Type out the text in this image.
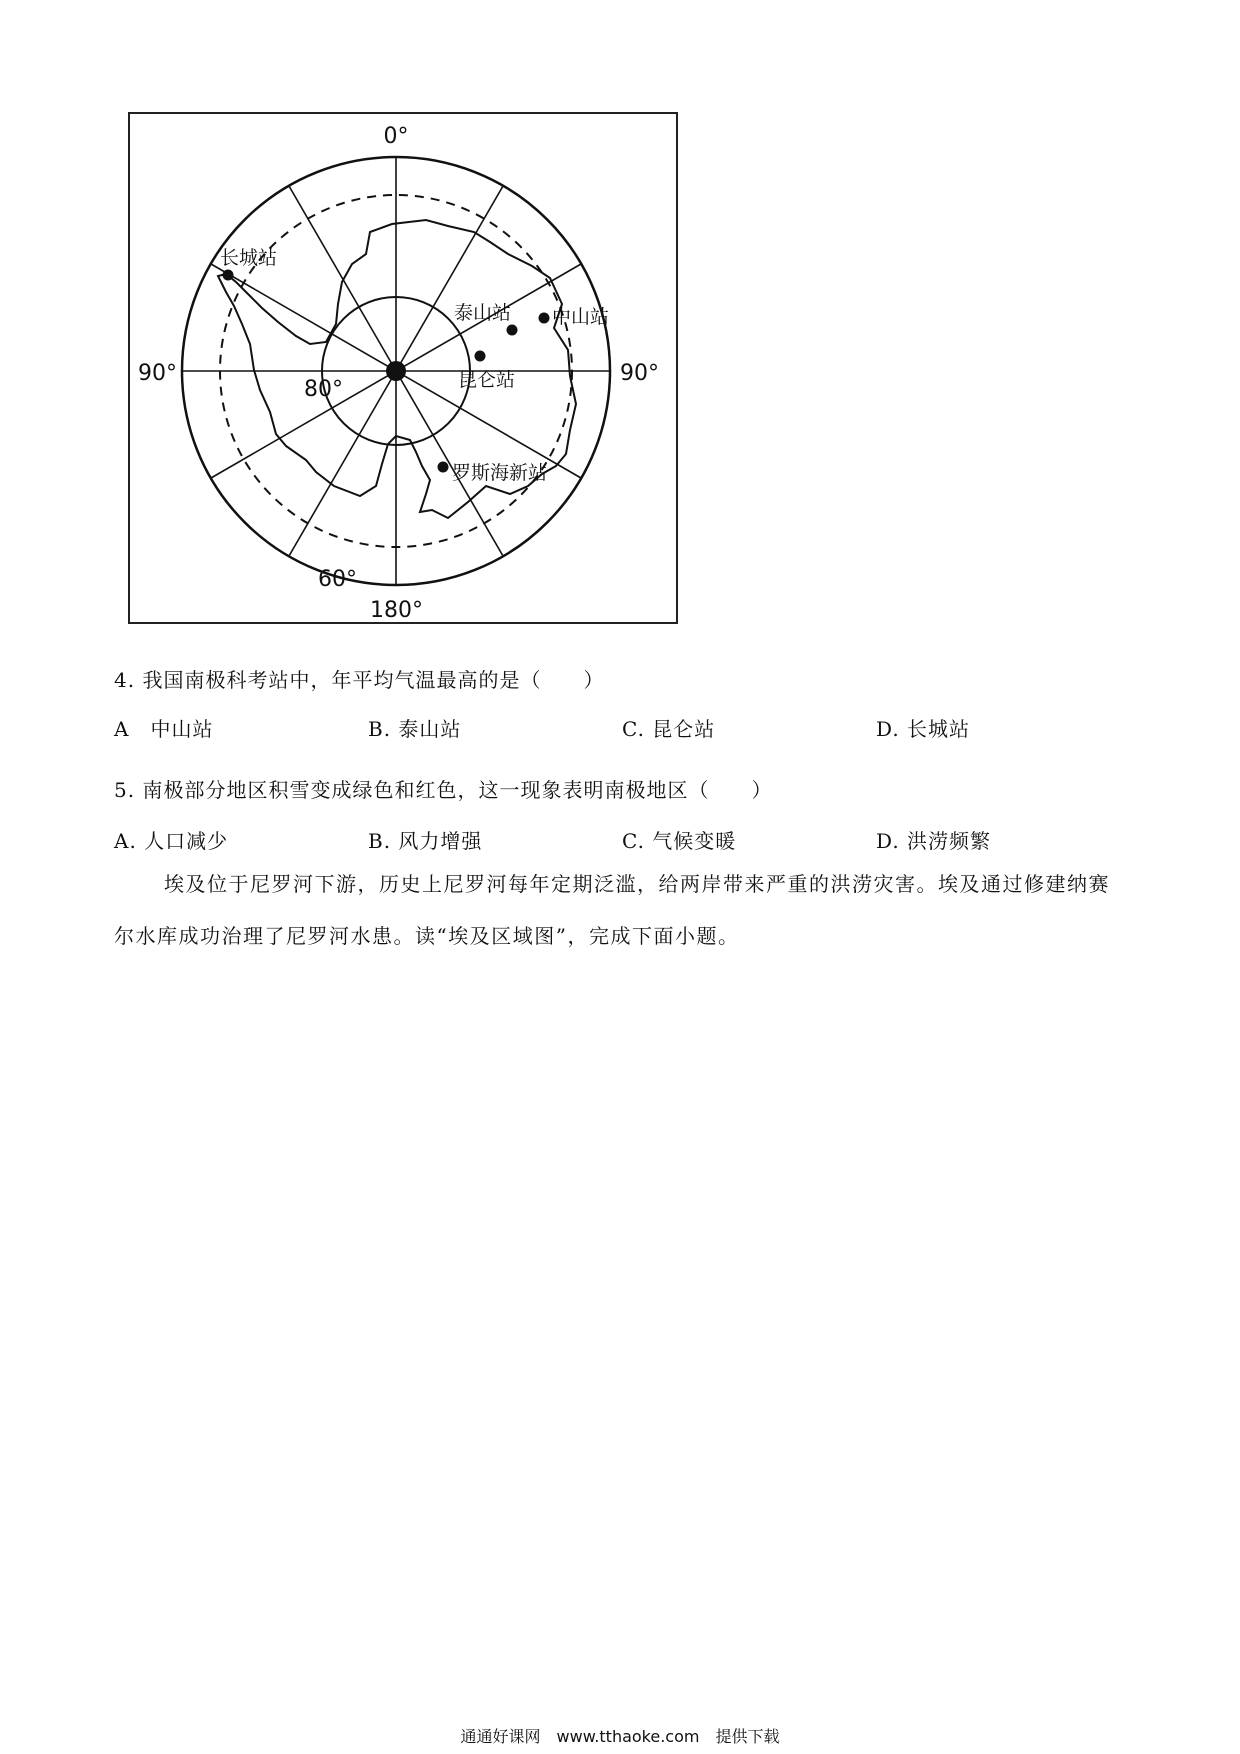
0°
90°	90°
180°
80°
60°
长城站
泰山站 中山站
昆仑站
罗斯海新站
4. 我国南极科考站中，年平均气温最高的是（　　）
A　中山站	B. 泰山站	C. 昆仑站	D. 长城站
5. 南极部分地区积雪变成绿色和红色，这一现象表明南极地区（　　）
A. 人口减少	B. 风力增强	C. 气候变暖	D. 洪涝频繁
埃及位于尼罗河下游，历史上尼罗河每年定期泛滥，给两岸带来严重的洪涝灾害。埃及通过修建纳赛尔水库成功治理了尼罗河水患。读“埃及区域图”，完成下面小题。
通通好课网　www.tthaoke.com　提供下载
